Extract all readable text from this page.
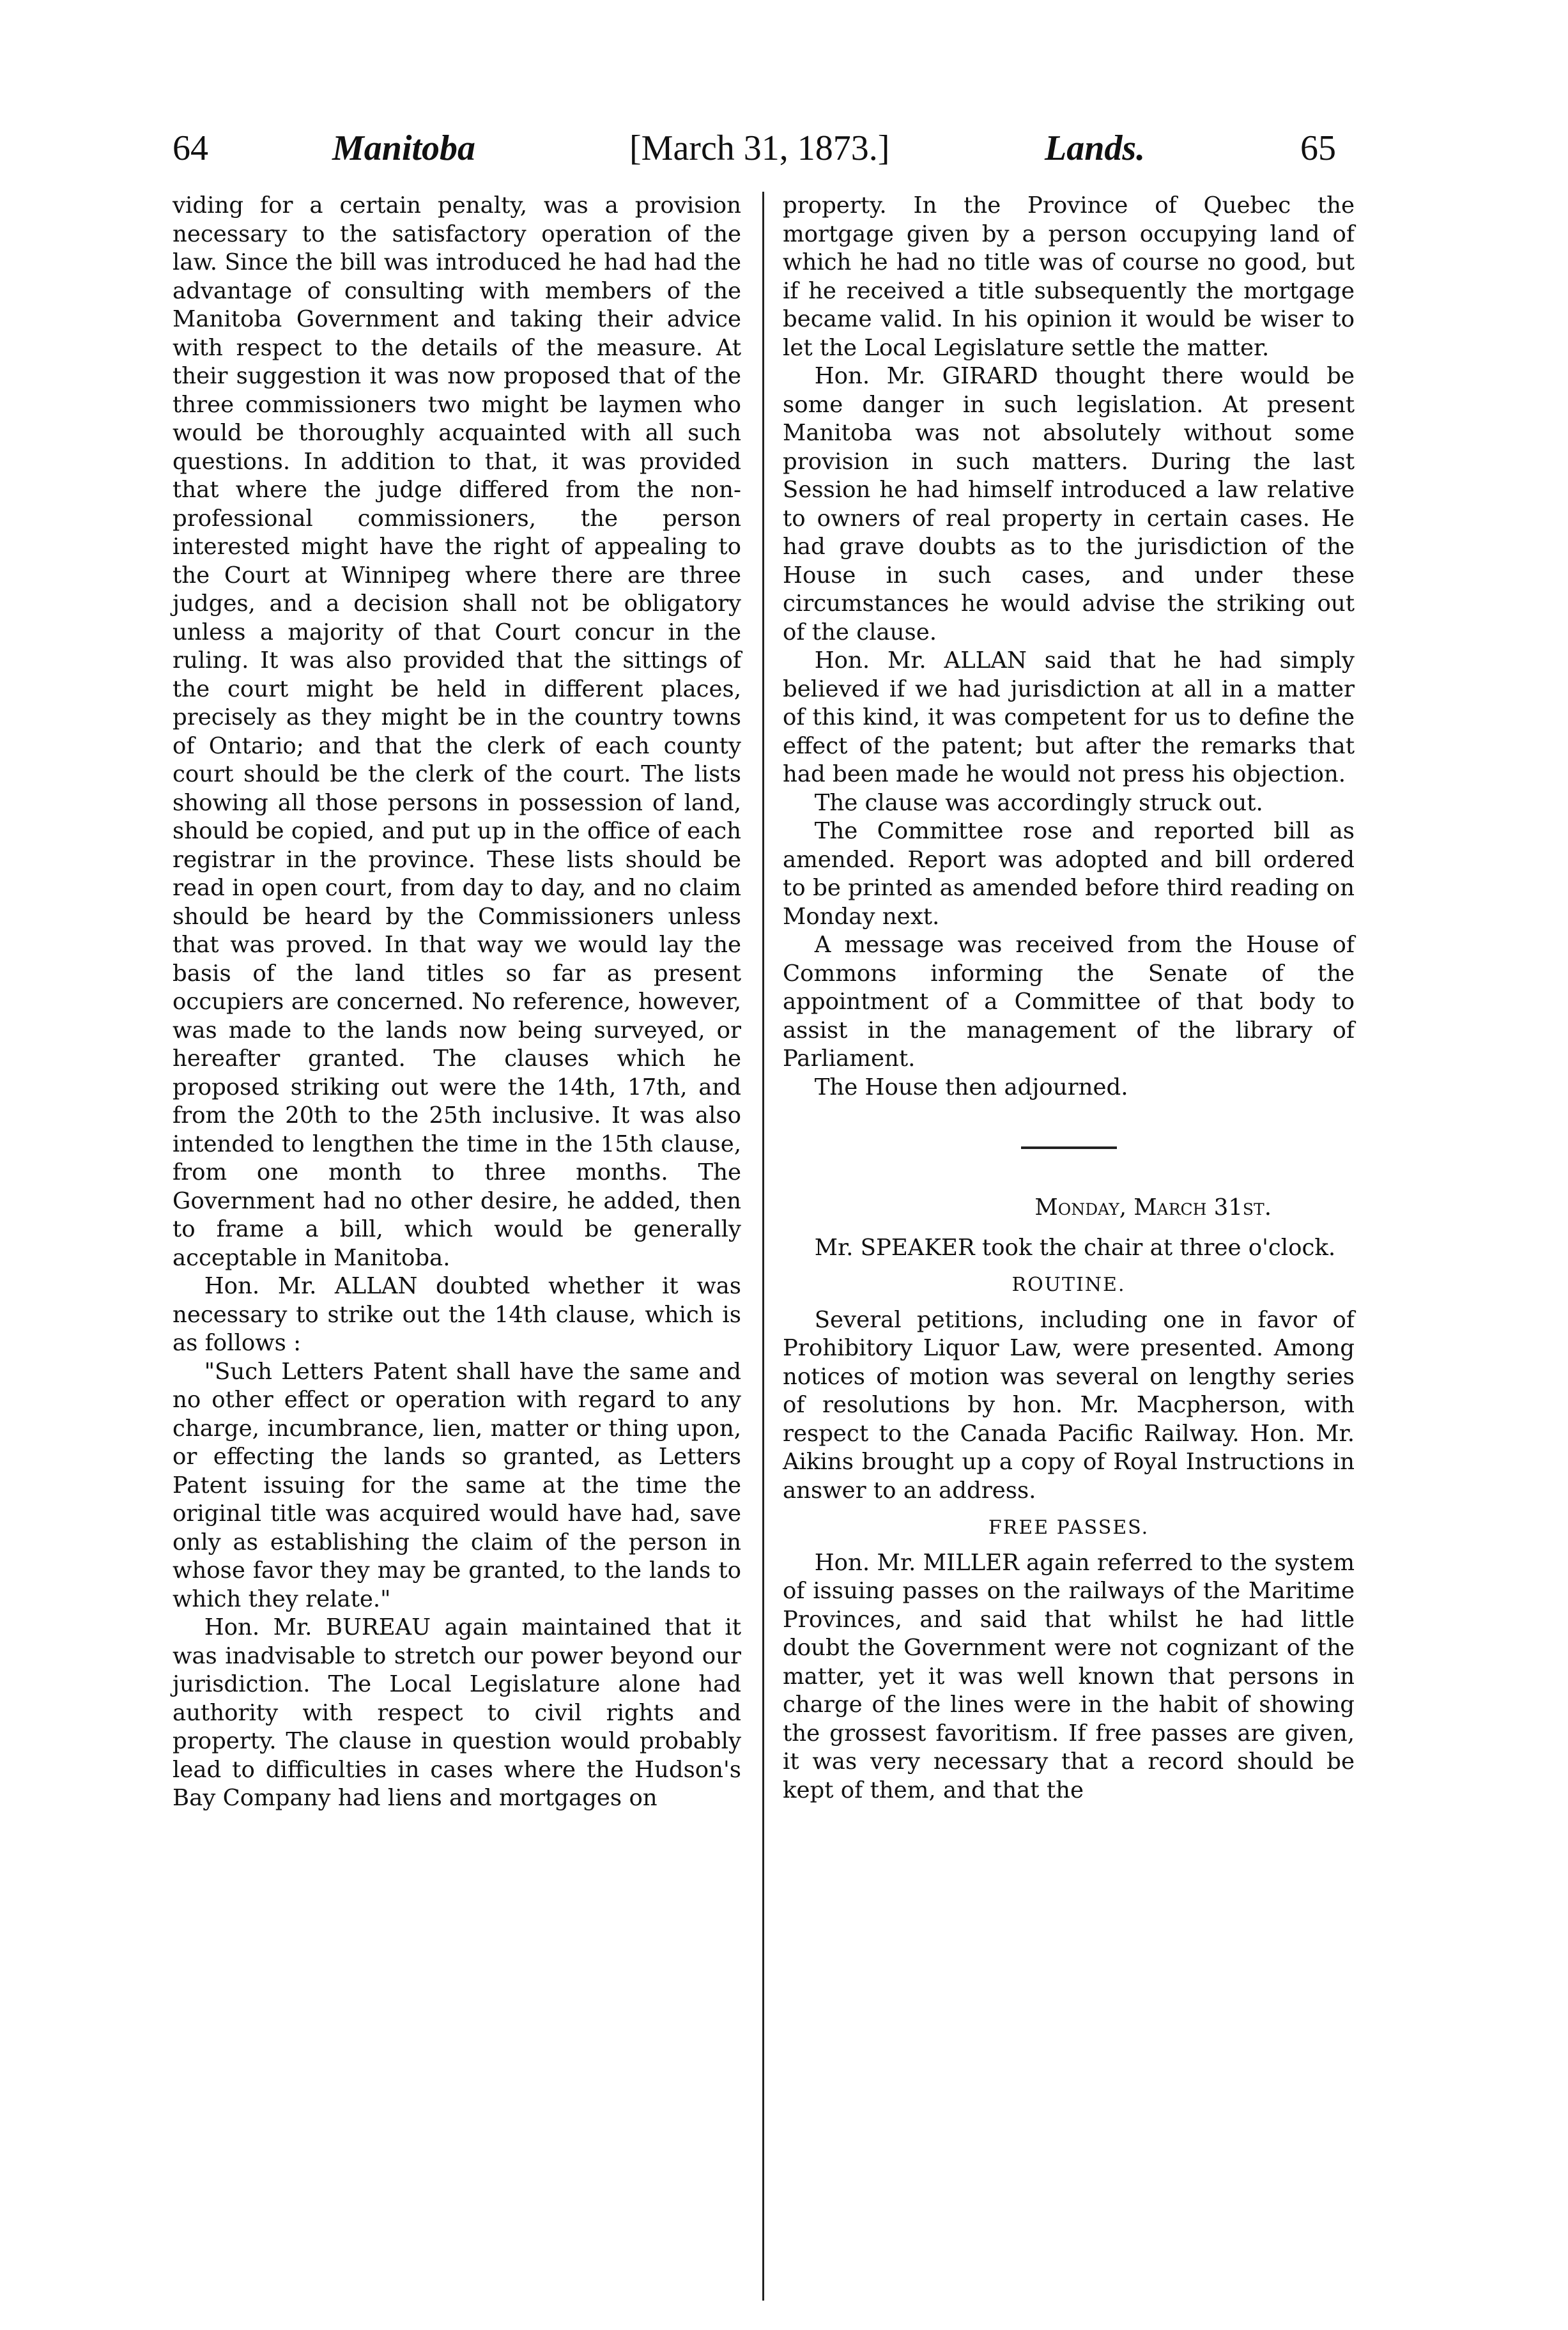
64	Manitoba	[March 31, 1873.]	Lands.	65

viding for a certain penalty, was a provision necessary to the satisfactory operation of the law. Since the bill was introduced he had had the advantage of consulting with members of the Manitoba Government and taking their advice with respect to the details of the measure. At their suggestion it was now proposed that of the three commissioners two might be laymen who would be thoroughly acquainted with all such questions. In addition to that, it was provided that where the judge differed from the non-professional commissioners, the person interested might have the right of appealing to the Court at Winnipeg where there are three judges, and a decision shall not be obligatory unless a majority of that Court concur in the ruling. It was also provided that the sittings of the court might be held in different places, precisely as they might be in the country towns of Ontario; and that the clerk of each county court should be the clerk of the court. The lists showing all those persons in possession of land, should be copied, and put up in the office of each registrar in the province. These lists should be read in open court, from day to day, and no claim should be heard by the Commissioners unless that was proved. In that way we would lay the basis of the land titles so far as present occupiers are concerned. No reference, however, was made to the lands now being surveyed, or hereafter granted. The clauses which he proposed striking out were the 14th, 17th, and from the 20th to the 25th inclusive. It was also intended to lengthen the time in the 15th clause, from one month to three months. The Government had no other desire, he added, then to frame a bill, which would be generally acceptable in Manitoba.

Hon. Mr. ALLAN doubted whether it was necessary to strike out the 14th clause, which is as follows :

"Such Letters Patent shall have the same and no other effect or operation with regard to any charge, incumbrance, lien, matter or thing upon, or effecting the lands so granted, as Letters Patent issuing for the same at the time the original title was acquired would have had, save only as establishing the claim of the person in whose favor they may be granted, to the lands to which they relate."

Hon. Mr. BUREAU again maintained that it was inadvisable to stretch our power beyond our jurisdiction. The Local Legislature alone had authority with respect to civil rights and property. The clause in question would probably lead to difficulties in cases where the Hudson's Bay Company had liens and mortgages on

property. In the Province of Quebec the mortgage given by a person occupying land of which he had no title was of course no good, but if he received a title subsequently the mortgage became valid. In his opinion it would be wiser to let the Local Legislature settle the matter.

Hon. Mr. GIRARD thought there would be some danger in such legislation. At present Manitoba was not absolutely without some provision in such matters. During the last Session he had himself introduced a law relative to owners of real property in certain cases. He had grave doubts as to the jurisdiction of the House in such cases, and under these circumstances he would advise the striking out of the clause.

Hon. Mr. ALLAN said that he had simply believed if we had jurisdiction at all in a matter of this kind, it was competent for us to define the effect of the patent; but after the remarks that had been made he would not press his objection.

The clause was accordingly struck out.

The Committee rose and reported bill as amended. Report was adopted and bill ordered to be printed as amended before third reading on Monday next.

A message was received from the House of Commons informing the Senate of the appointment of a Committee of that body to assist in the management of the library of Parliament.

The House then adjourned.

Monday, March 31st.

Mr. SPEAKER took the chair at three o'clock.

ROUTINE.

Several petitions, including one in favor of Prohibitory Liquor Law, were presented. Among notices of motion was several on lengthy series of resolutions by hon. Mr. Macpherson, with respect to the Canada Pacific Railway. Hon. Mr. Aikins brought up a copy of Royal Instructions in answer to an address.

FREE PASSES.

Hon. Mr. MILLER again referred to the system of issuing passes on the railways of the Maritime Provinces, and said that whilst he had little doubt the Government were not cognizant of the matter, yet it was well known that persons in charge of the lines were in the habit of showing the grossest favoritism. If free passes are given, it was very necessary that a record should be kept of them, and that the
